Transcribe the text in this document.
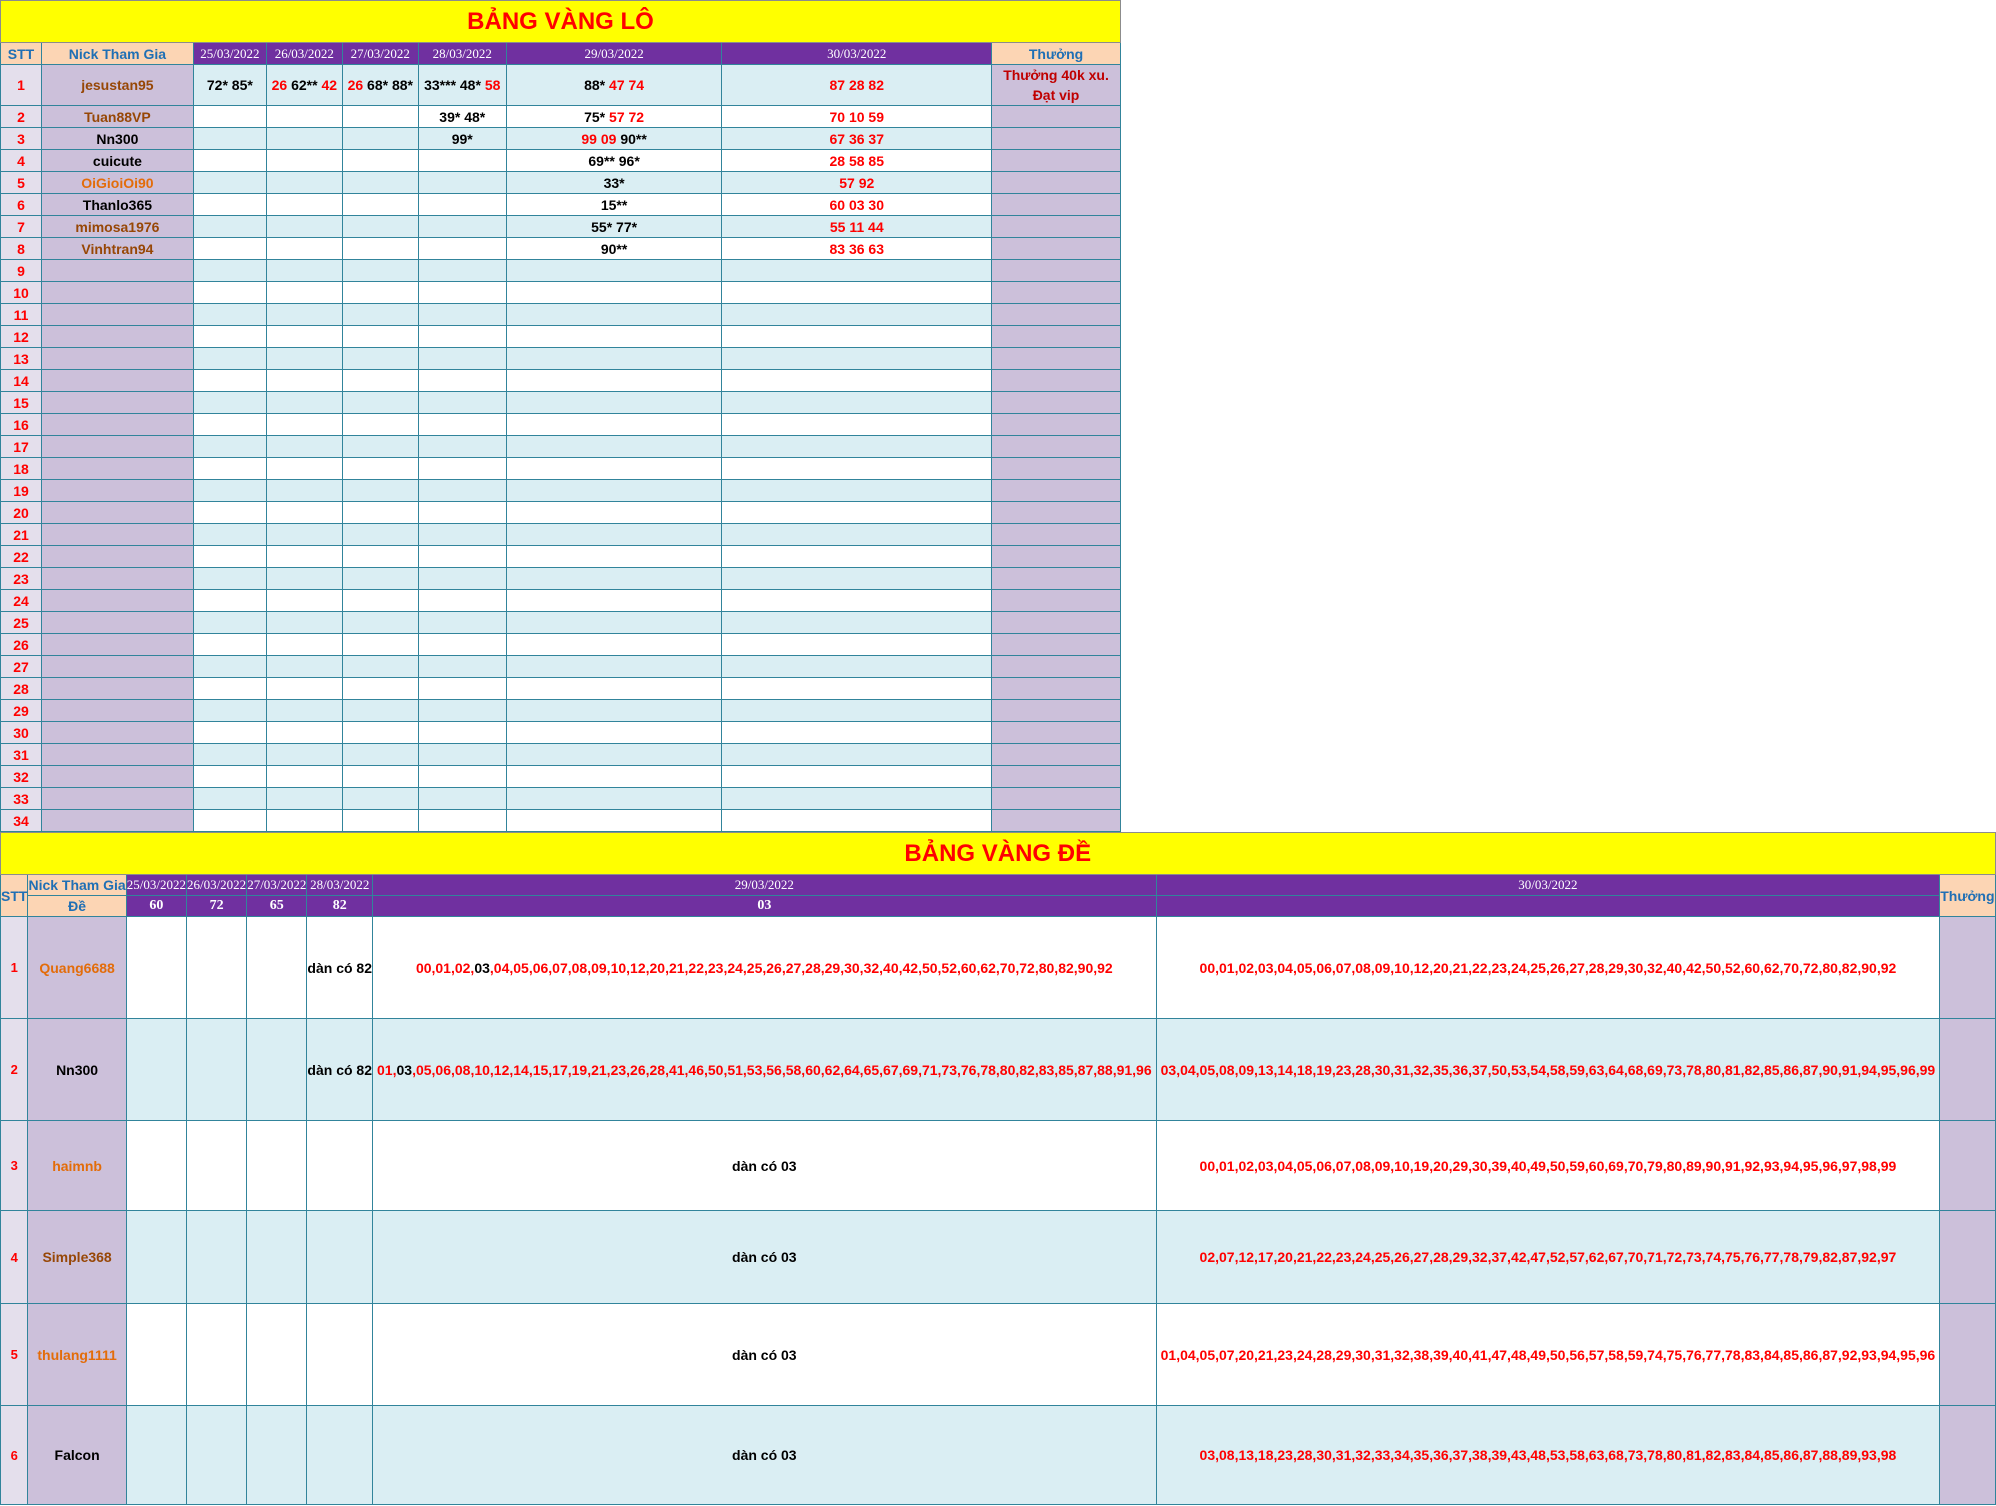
BẢNG VÀNG LÔ								
STT	Nick Tham Gia	25/03/2022	26/03/2022	27/03/2022	28/03/2022	29/03/2022	30/03/2022	Thưởng
1	jesustan95	72* 85*	26 62** 42	26 68* 88*	33*** 48* 58	88* 47 74	87 28 82	Thưởng 40k xu. Đạt vip
2	Tuan88VP				39* 48*	75* 57 72	70 10 59	
3	Nn300				99*	99 09 90**	67 36 37	
4	cuicute					69** 96*	28 58 85	
5	OiGioiOi90					33*	57 92	
6	Thanlo365					15**	60 03 30	
7	mimosa1976					55* 77*	55 11 44	
8	Vinhtran94					90**	83 36 63	
9								
10								
11								
12								
13								
14								
15								
16								
17								
18								
19								
20								
21								
22								
23								
24								
25								
26								
27								
28								
29								
30								
31								
32								
33								
34								
BẢNG VÀNG ĐỀ								
STT	Nick Tham Gia	25/03/2022	26/03/2022	27/03/2022	28/03/2022	29/03/2022	30/03/2022	Thưởng
	Đề	60	72	65	82	03		
1	Quang6688				dàn có 82	00,01,02,03,04,05,06,07,08,09,10,12,20,21,22,23,24,25,26,27,28,29,30,32,40,42,50,52,60,62,70,72,80,82,90,92	00,01,02,03,04,05,06,07,08,09,10,12,20,21,22,23,24,25,26,27,28,29,30,32,40,42,50,52,60,62,70,72,80,82,90,92	
2	Nn300				dàn có 82	01,03,05,06,08,10,12,14,15,17,19,21,23,26,28,41,46,50,51,53,56,58,60,62,64,65,67,69,71,73,76,78,80,82,83,85,87,88,91,96	03,04,05,08,09,13,14,18,19,23,28,30,31,32,35,36,37,50,53,54,58,59,63,64,68,69,73,78,80,81,82,85,86,87,90,91,94,95,96,99	
3	haimnb					dàn có 03	00,01,02,03,04,05,06,07,08,09,10,19,20,29,30,39,40,49,50,59,60,69,70,79,80,89,90,91,92,93,94,95,96,97,98,99	
4	Simple368					dàn có 03	02,07,12,17,20,21,22,23,24,25,26,27,28,29,32,37,42,47,52,57,62,67,70,71,72,73,74,75,76,77,78,79,82,87,92,97	
5	thulang1111					dàn có 03	01,04,05,07,20,21,23,24,28,29,30,31,32,38,39,40,41,47,48,49,50,56,57,58,59,74,75,76,77,78,83,84,85,86,87,92,93,94,95,96	
6	Falcon					dàn có 03	03,08,13,18,23,28,30,31,32,33,34,35,36,37,38,39,43,48,53,58,63,68,73,78,80,81,82,83,84,85,86,87,88,89,93,98	
